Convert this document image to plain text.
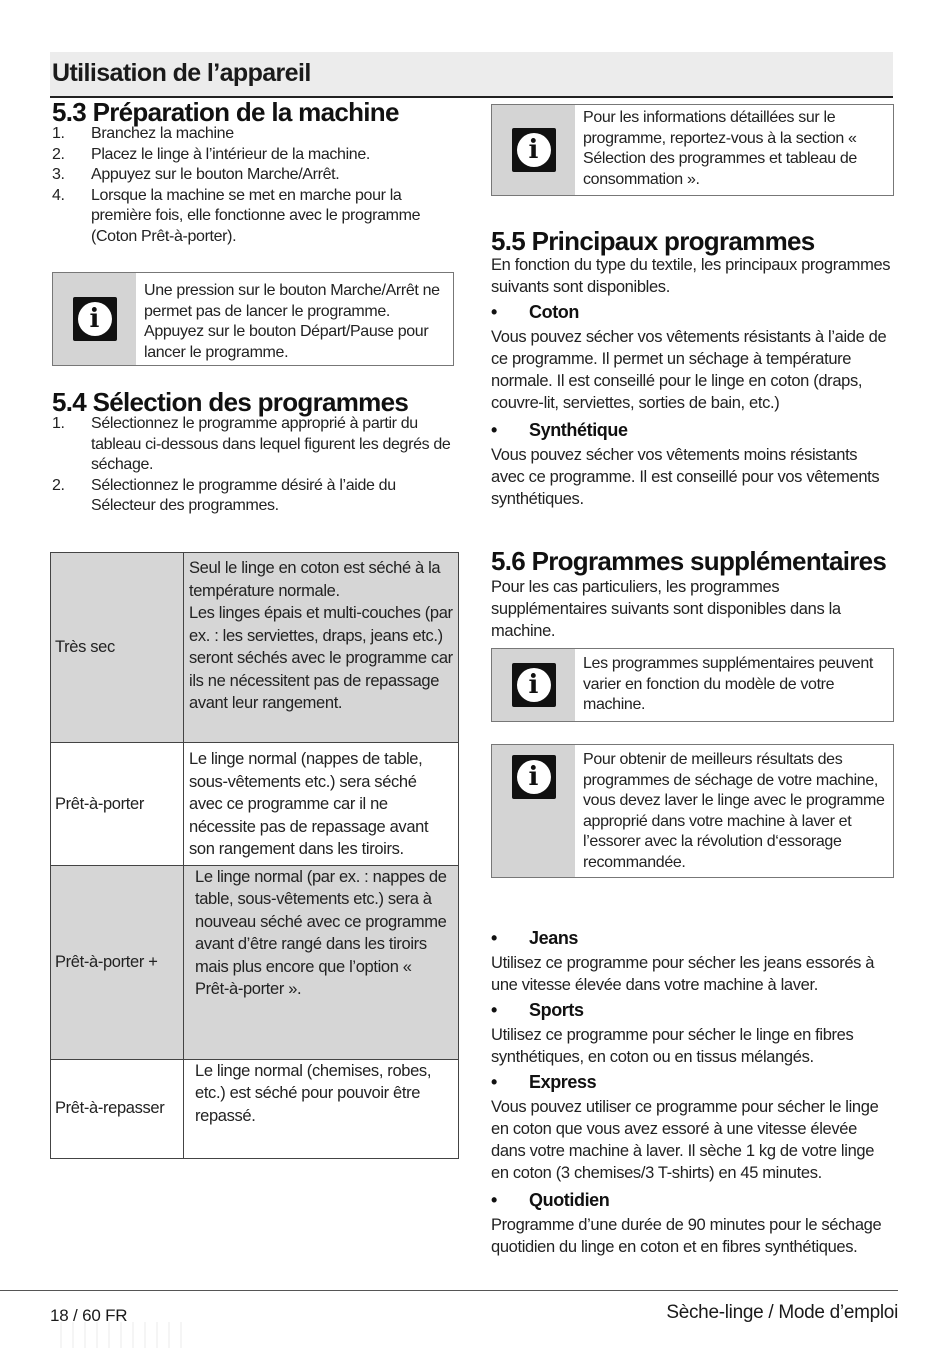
Utilisation de l’appareil
5.3 Préparation de la machine
1. Branchez la machine
2. Placez le linge à l’intérieur de la machine.
3. Appuyez sur le bouton Marche/Arrêt.
4. Lorsque la machine se met en marche pour la première fois, elle fonctionne avec le programme (Coton Prêt-à-porter).
i
Une pression sur le bouton Marche/Arrêt ne permet pas de lancer le programme. Appuyez sur le bouton Départ/Pause pour lancer le programme.
5.4 Sélection des programmes
1. Sélectionnez le programme approprié à partir du tableau ci-dessous dans lequel figurent les degrés de séchage.
2. Sélectionnez le programme désiré à l’aide du Sélecteur des programmes.
Très sec	Seul le linge en coton est séché à la température normale.
Les linges épais et multi-couches (par ex. : les serviettes, draps, jeans etc.) seront séchés avec le programme car ils ne nécessitent pas de repassage avant leur rangement.
Prêt-à-porter	Le linge normal (nappes de table, sous-vêtements etc.) sera séché avec ce programme car il ne nécessite pas de repassage avant son rangement dans les tiroirs.
Prêt-à-porter +	Le linge normal (par ex. : nappes de table, sous-vêtements etc.) sera à nouveau séché avec ce programme avant d’être rangé dans les tiroirs mais plus encore que l’option « Prêt-à-porter ».
Prêt-à-repasser	Le linge normal (chemises, robes, etc.) est séché pour pouvoir être repassé.
i
Pour les informations détaillées sur le programme, reportez-vous à la section « Sélection des programmes et tableau de consommation ».
5.5 Principaux programmes
En fonction du type du textile, les principaux programmes suivants sont disponibles.
• Coton
Vous pouvez sécher vos vêtements résistants à l’aide de ce programme. Il permet un séchage à température normale. Il est conseillé pour le linge en coton (draps, couvre-lit, serviettes, sorties de bain, etc.)
• Synthétique
Vous pouvez sécher vos vêtements moins résistants avec ce programme. Il est conseillé pour vos vêtements synthétiques.
5.6 Programmes supplémentaires
Pour les cas particuliers, les programmes supplémentaires suivants sont disponibles dans la machine.
i
Les programmes supplémentaires peuvent varier en fonction du modèle de votre machine.
i
Pour obtenir de meilleurs résultats des programmes de séchage de votre machine, vous devez laver le linge avec le programme approprié dans votre machine à laver et l’essorer avec la révolution d‘essorage recommandée.
• Jeans
Utilisez ce programme pour sécher les jeans essorés à une vitesse élevée dans votre machine à laver.
• Sports
Utilisez ce programme pour sécher le linge en fibres synthétiques, en coton ou en tissus mélangés.
• Express
Vous pouvez utiliser ce programme pour sécher le linge en coton que vous avez essoré à une vitesse élevée dans votre machine à laver. Il sèche 1 kg de votre linge en coton (3 chemises/3 T-shirts) en 45 minutes.
• Quotidien
Programme d’une durée de 90 minutes pour le séchage quotidien du linge en coton et en fibres synthétiques.
18 / 60 FR	Sèche-linge / Mode d’emploi
